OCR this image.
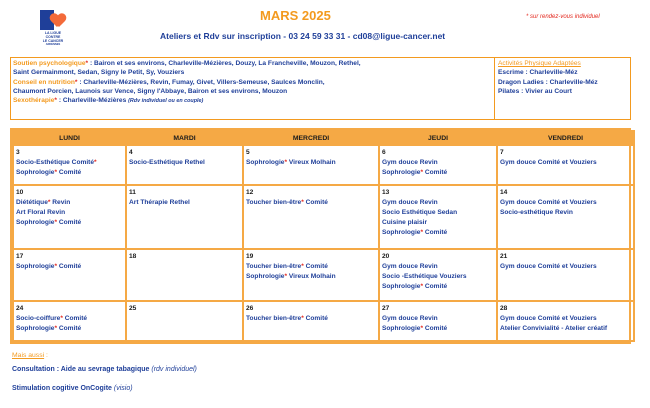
LA LIGUE
CONTRE
LE CANCER
ARDENNES
MARS 2025
Ateliers et Rdv sur inscription - 03 24 59 33 31 - cd08@ligue-cancer.net
* sur rendez-vous individuel
Soutien psychologique* : Bairon et ses environs, Charleville-Mézières, Douzy, La Francheville, Mouzon, Rethel,
Saint Germainmont, Sedan, Signy le Petit, Sy, Vouziers
Conseil en nutrition* : Charleville-Mézières, Revin, Fumay, Givet, Villers-Semeuse, Saulces Monclin,
Chaumont Porcien, Launois sur Vence, Signy l'Abbaye, Bairon et ses environs, Mouzon
Sexothérapie* : Charleville-Mézières (Rdv individuel ou en couple)
Activités Physique Adaptées
Escrime : Charleville-Méz
Dragon Ladies : Charleville-Méz
Pilates : Vivier au Court
LUNDI	MARDI	MERCREDI	JEUDI	VENDREDI

3
Socio-Esthétique Comité*
Sophrologie* Comité	4
Socio-Esthétique Rethel	5
Sophrologie* Vireux Molhain	6
Gym douce Revin
Sophrologie* Comité	7
Gym douce Comité et Vouziers

10
Diététique* Revin
Art Floral Revin
Sophrologie* Comité	11
Art Thérapie Rethel	12
Toucher bien-être* Comité	13
Gym douce Revin
Socio Esthétique Sedan
Cuisine plaisir
Sophrologie* Comité	14
Gym douce Comité et Vouziers
Socio-esthétique Revin

17
Sophrologie* Comité	18	19
Toucher bien-être* Comité
Sophrologie* Vireux Molhain	20
Gym douce Revin
Socio -Esthétique Vouziers
Sophrologie* Comité	21
Gym douce Comité et Vouziers

24
Socio-coiffure* Comité
Sophrologie* Comité	25	26
Toucher bien-être* Comité	27
Gym douce Revin
Sophrologie* Comité	28
Gym douce Comité et Vouziers
Atelier Convivialité - Atelier créatif
Mais aussi :
Consultation : Aide au sevrage tabagique (rdv individuel)
Stimulation cogitive OnCogite (visio)
